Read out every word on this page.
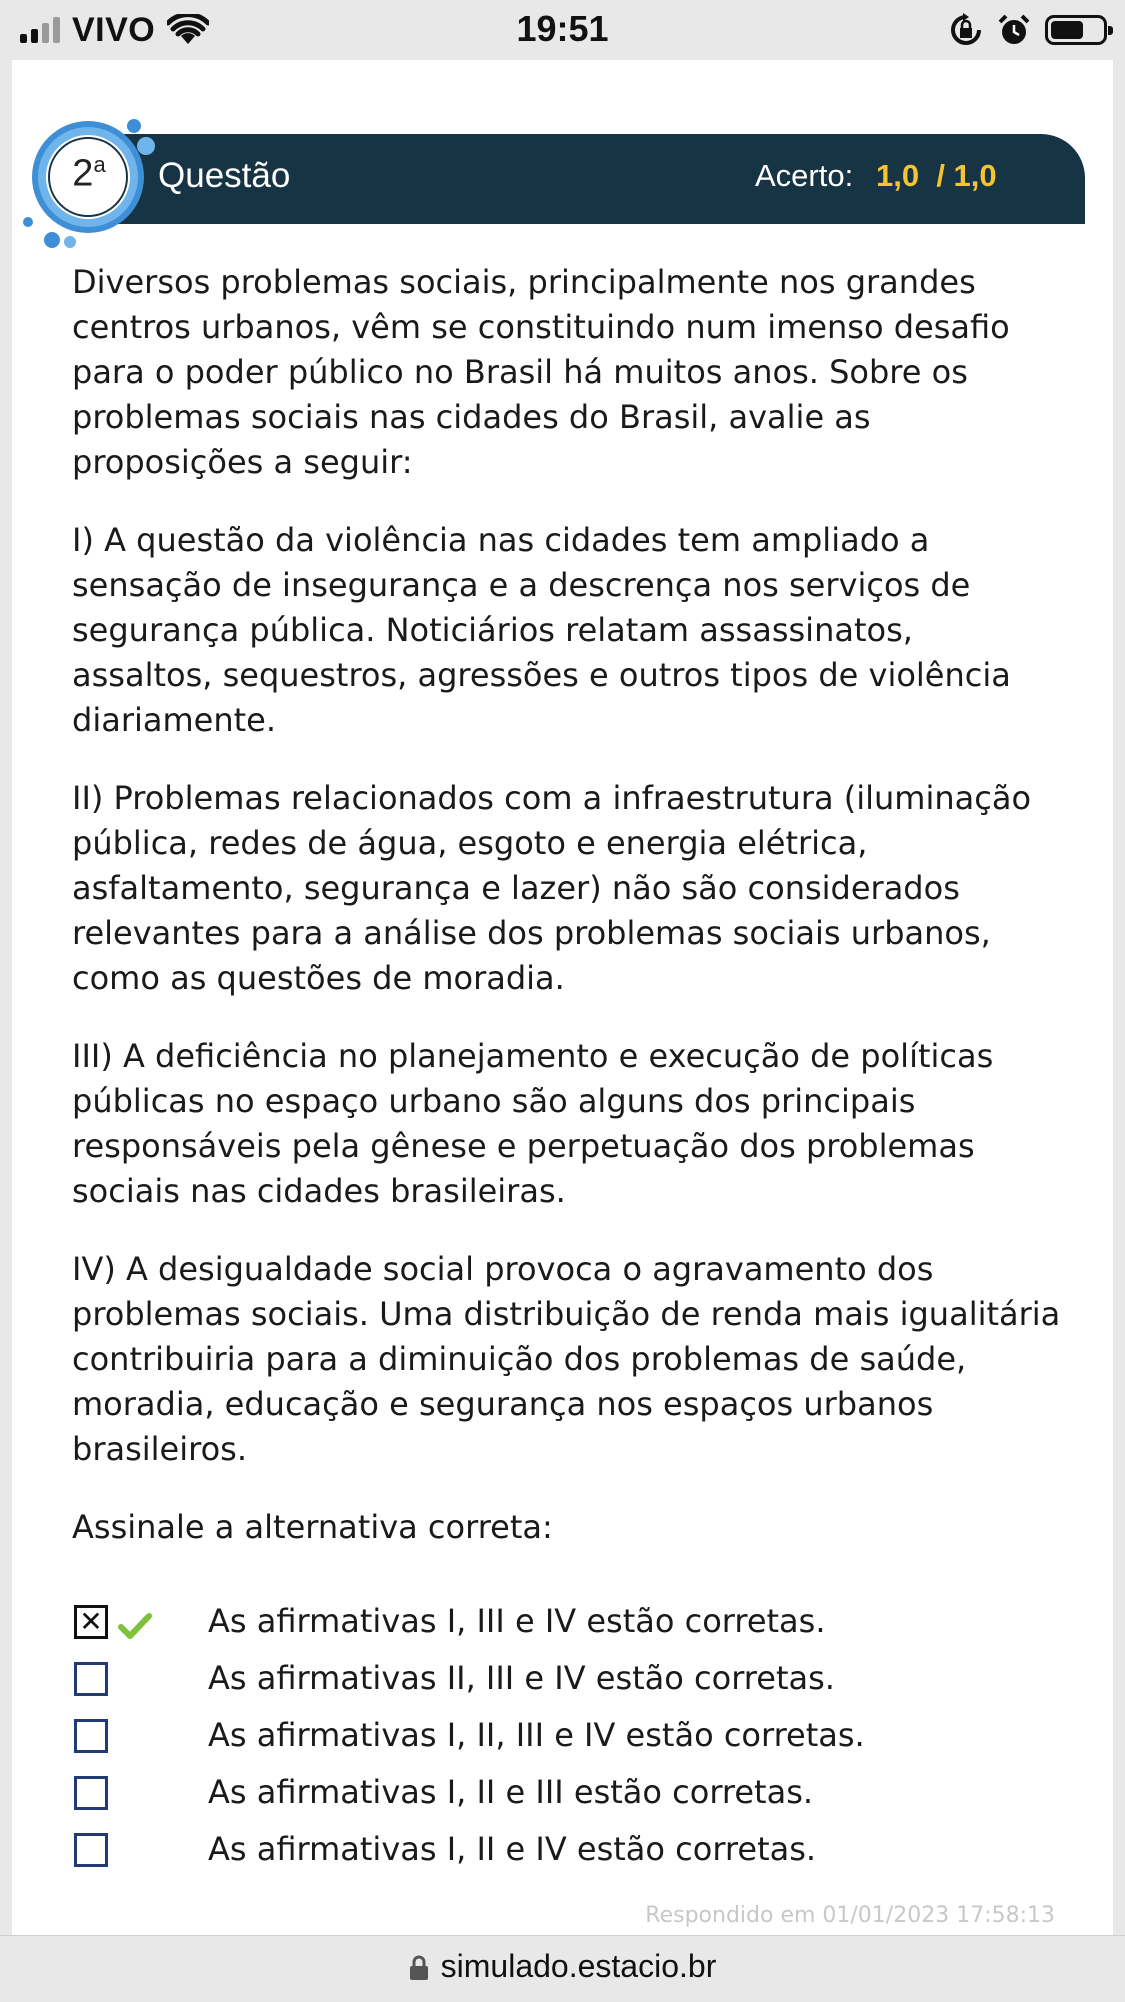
VIVO	19:51
2$^a$	Questão	Acerto: 1,0  / 1,0

Diversos problemas sociais, principalmente nos grandes centros urbanos, vêm se constituindo num imenso desafio para o poder público no Brasil há muitos anos. Sobre os problemas sociais nas cidades do Brasil, avalie as proposições a seguir:

I) A questão da violência nas cidades tem ampliado a sensação de insegurança e a descrença nos serviços de segurança pública. Noticiários relatam assassinatos, assaltos, sequestros, agressões e outros tipos de violência diariamente.

II) Problemas relacionados com a infraestrutura (iluminação pública, redes de água, esgoto e energia elétrica, asfaltamento, segurança e lazer) não são considerados relevantes para a análise dos problemas sociais urbanos, como as questões de moradia.

III) A deficiência no planejamento e execução de políticas públicas no espaço urbano são alguns dos principais responsáveis pela gênese e perpetuação dos problemas sociais nas cidades brasileiras.

IV) A desigualdade social provoca o agravamento dos problemas sociais. Uma distribuição de renda mais igualitária contribuiria para a diminuição dos problemas de saúde, moradia, educação e segurança nos espaços urbanos brasileiros.

Assinale a alternativa correta:

✕	As afirmativas I, III e IV estão corretas.
As afirmativas II, III e IV estão corretas.
As afirmativas I, II, III e IV estão corretas.
As afirmativas I, II e III estão corretas.
As afirmativas I, II e IV estão corretas.
Respondido em 01/01/2023 17:58:13
simulado.estacio.br
